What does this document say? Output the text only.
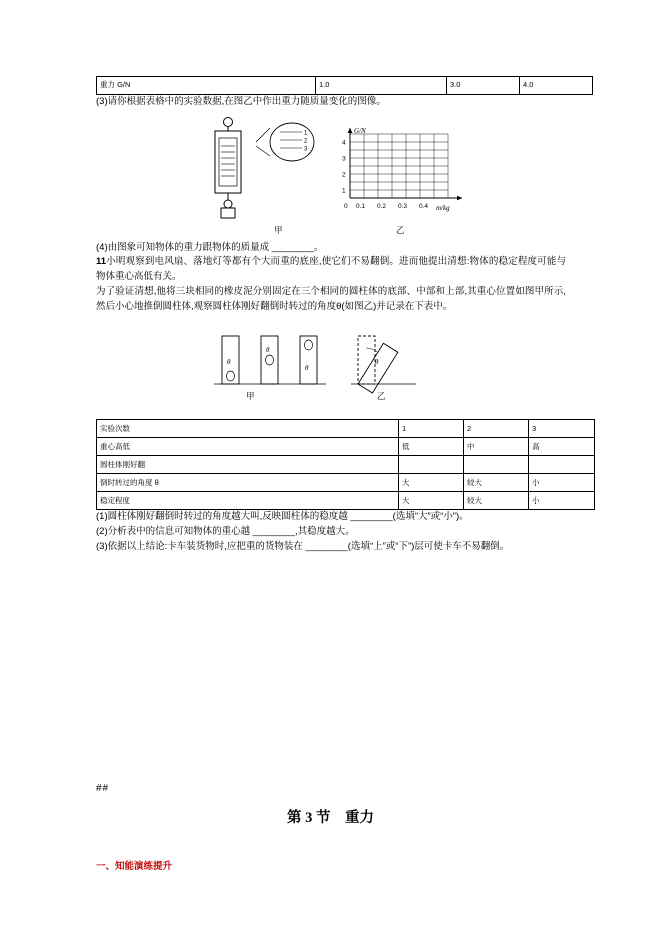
重力 G/N	1.0	3.0	4.0

(3)请你根据表格中的实验数据,在图乙中作出重力随质量变化的图像。

1
2
3
G/N
m/kg
1
2
3
4
0 0.1 0.2 0.3 0.4
甲	乙

(4)由图象可知物体的重力跟物体的质量成 ________。

11小明观察到电风扇、落地灯等都有个大而重的底座,使它们不易翻倒。进而他提出清想:物体的稳定程度可能与物体重心高低有关。

为了验证清想,他将三块相同的橡皮泥分别固定在三个相同的圆柱体的底部、中部和上部,其重心位置如图甲所示,然后小心地推倒圆柱体,观察圆柱体刚好翻倒时转过的角度θ(如图乙)并记录在下表中。

θ
θ
θ
θ
甲	乙
实验次数	1	2	3
重心高低	低	中	高
圆柱体刚好翻			
倒时转过的角度 θ	大	较大	小
稳定程度	大	较大	小

(1)圆柱体刚好翻倒时转过的角度越大叫,反映圆柱体的稳度越 ________(选填“大”或“小”)。

(2)分析表中的信息可知物体的重心越 ________,其稳度越大。

(3)依据以上结论:卡车装货物时,应把重的货物装在 ________(选填“上”或“下”)层可使卡车不易翻倒。

##
第 3 节　重力
一、知能演练提升
